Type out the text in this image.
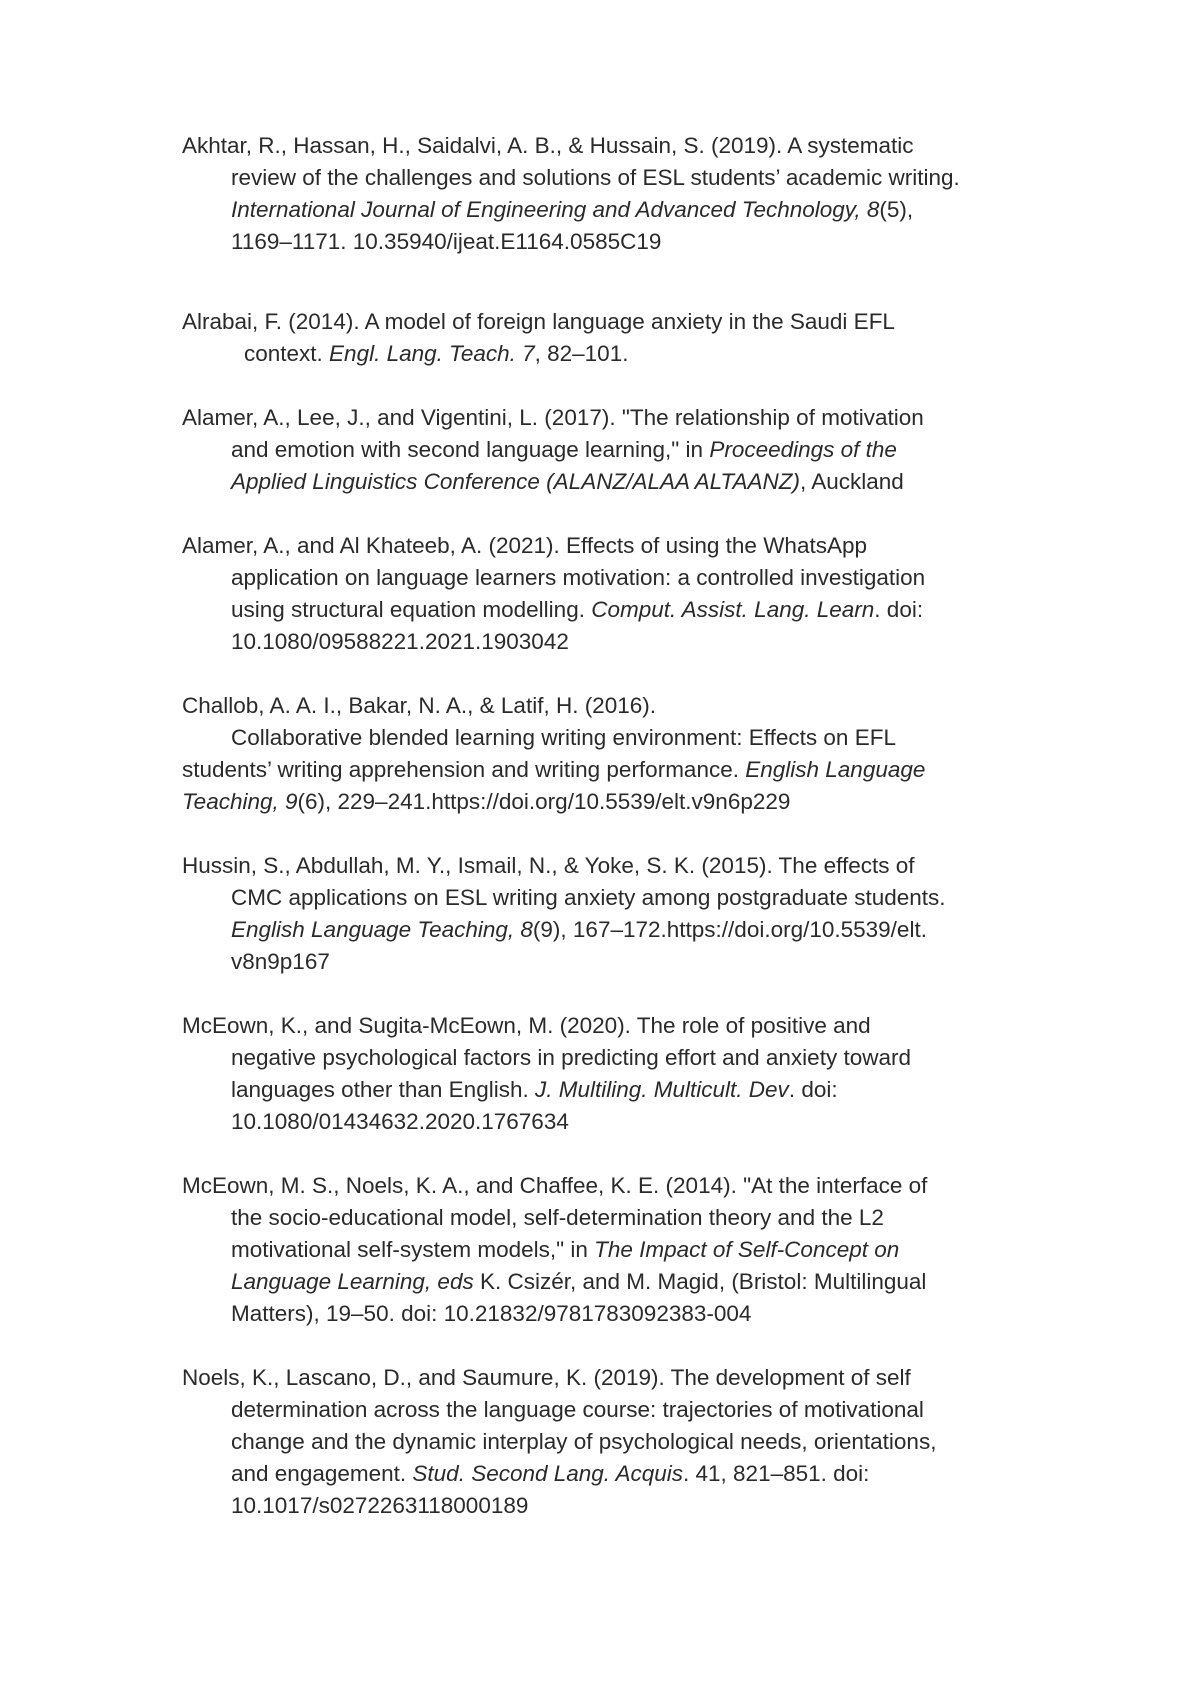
Akhtar, R., Hassan, H., Saidalvi, A. B., & Hussain, S. (2019). A systematic
review of the challenges and solutions of ESL students’ academic writing.
International Journal of Engineering and Advanced Technology, 8(5),
1169–1171. 10.35940/ijeat.E1164.0585C19
Alrabai, F. (2014). A model of foreign language anxiety in the Saudi EFL
context. Engl. Lang. Teach. 7, 82–101.
Alamer, A., Lee, J., and Vigentini, L. (2017). "The relationship of motivation
and emotion with second language learning," in Proceedings of the
Applied Linguistics Conference (ALANZ/ALAA ALTAANZ), Auckland
Alamer, A., and Al Khateeb, A. (2021). Effects of using the WhatsApp
application on language learners motivation: a controlled investigation
using structural equation modelling. Comput. Assist. Lang. Learn. doi:
10.1080/09588221.2021.1903042
Challob, A. A. I., Bakar, N. A., & Latif, H. (2016).
Collaborative blended learning writing environment: Effects on EFL
students’ writing apprehension and writing performance. English Language
Teaching, 9(6), 229–241.https://doi.org/10.5539/elt.v9n6p229
Hussin, S., Abdullah, M. Y., Ismail, N., & Yoke, S. K. (2015). The effects of
CMC applications on ESL writing anxiety among postgraduate students.
English Language Teaching, 8(9), 167–172.https://doi.org/10.5539/elt.
v8n9p167
McEown, K., and Sugita-McEown, M. (2020). The role of positive and
negative psychological factors in predicting effort and anxiety toward
languages other than English. J. Multiling. Multicult. Dev. doi:
10.1080/01434632.2020.1767634
McEown, M. S., Noels, K. A., and Chaffee, K. E. (2014). "At the interface of
the socio-educational model, self-determination theory and the L2
motivational self-system models," in The Impact of Self-Concept on
Language Learning, eds K. Csizér, and M. Magid, (Bristol: Multilingual
Matters), 19–50. doi: 10.21832/9781783092383-004
Noels, K., Lascano, D., and Saumure, K. (2019). The development of self
determination across the language course: trajectories of motivational
change and the dynamic interplay of psychological needs, orientations,
and engagement. Stud. Second Lang. Acquis. 41, 821–851. doi:
10.1017/s0272263118000189
